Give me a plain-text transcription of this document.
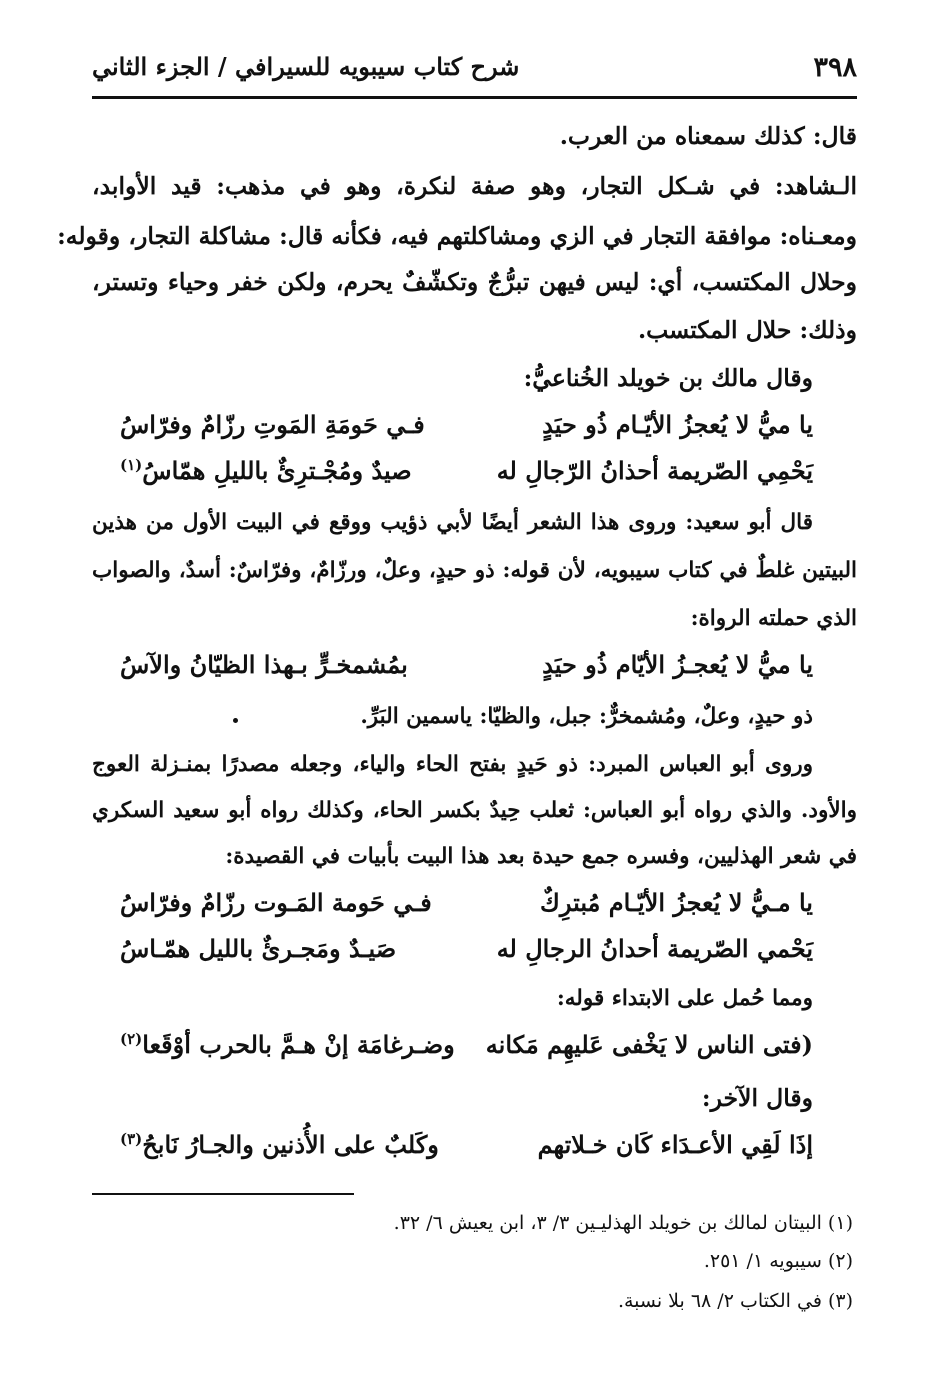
٣٩٨
شرح كتاب سيبويه للسيرافي / الجزء الثاني
قال: كذلك سمعناه من العرب.
الـشاهد: في شـكل التجار، وهو صفة لنكرة، وهو في مذهب: قيد الأوابد،
ومعـناه: موافقة التجار في الزي ومشاكلتهم فيه، فكأنه قال: مشاكلة التجار، وقوله:
وحلال المكتسب، أي: ليس فيهن تبرُّجٌ وتكشّفٌ يحرم، ولكن خفر وحياء وتستر،
وذلك: حلال المكتسب.
وقال مالك بن خويلد الخُناعيُّ:
يا ميُّ لا يُعجزُ الأيّـام ذُو حيَدٍ
فـي حَومَةِ المَوتِ رزّامٌ وفرّاسُ
يَحْمِي الصّريمة أحذانُ الرّجالِ له
صيدٌ ومُجْـترِئٌ بالليلِ همّاسُ$^{(١)}$
قال أبو سعيد: وروى هذا الشعر أيضًا لأبي ذؤيب ووقع في البيت الأول من هذين
البيتين غلطٌ في كتاب سيبويه، لأن قوله: ذو حيدٍ، وعلٌ، ورزّامٌ، وفرّاسٌ: أسدٌ، والصواب
الذي حملته الرواة:
يا ميُّ لا يُعجـزُ الأيّام ذُو حيَدٍ
بمُشمخـرٍّ بـهذا الظيّانُ والآسُ
ذو حيدٍ، وعلٌ، ومُشمخرٌّ: جبل، والظيّا: ياسمين البَرِّ.
وروى أبو العباس المبرد: ذو حَيدٍ بفتح الحاء والياء، وجعله مصدرًا بمنـزلة العوج
والأود. والذي رواه أبو العباس: ثعلب حِيدٌ بكسر الحاء، وكذلك رواه أبو سعيد السكري
في شعر الهذليين، وفسره جمع حيدة بعد هذا البيت بأبيات في القصيدة:
يا مـيُّ لا يُعجزُ الأيّـام مُبترِكٌ
فـي حَومة المَـوت رزّامٌ وفرّاسُ
يَحْمي الصّريمة أحدانُ الرجالِ له
صَيـدٌ ومَجـرئٌ بالليل همّـاسُ
ومما حُمل على الابتداء قوله:
(فتى الناس لا يَخْفى عَليهِم مَكانه
وضـرغامَة إنْ هـمَّ بالحرب أوْقَعا$^{(٢)}$
وقال الآخر:
إذَا لَقِي الأعـدَاء كَان خـلاتهم
وكَلبٌ على الأُذنين والجـارُ نَابحُ$^{(٣)}$
(١) البيتان لمالك بن خويلد الهذليـين ٣/ ٣، ابن يعيش ٦/ ٣٢.
(٢) سيبويه ١/ ٢٥١.
(٣) في الكتاب ٢/ ٦٨ بلا نسبة.
